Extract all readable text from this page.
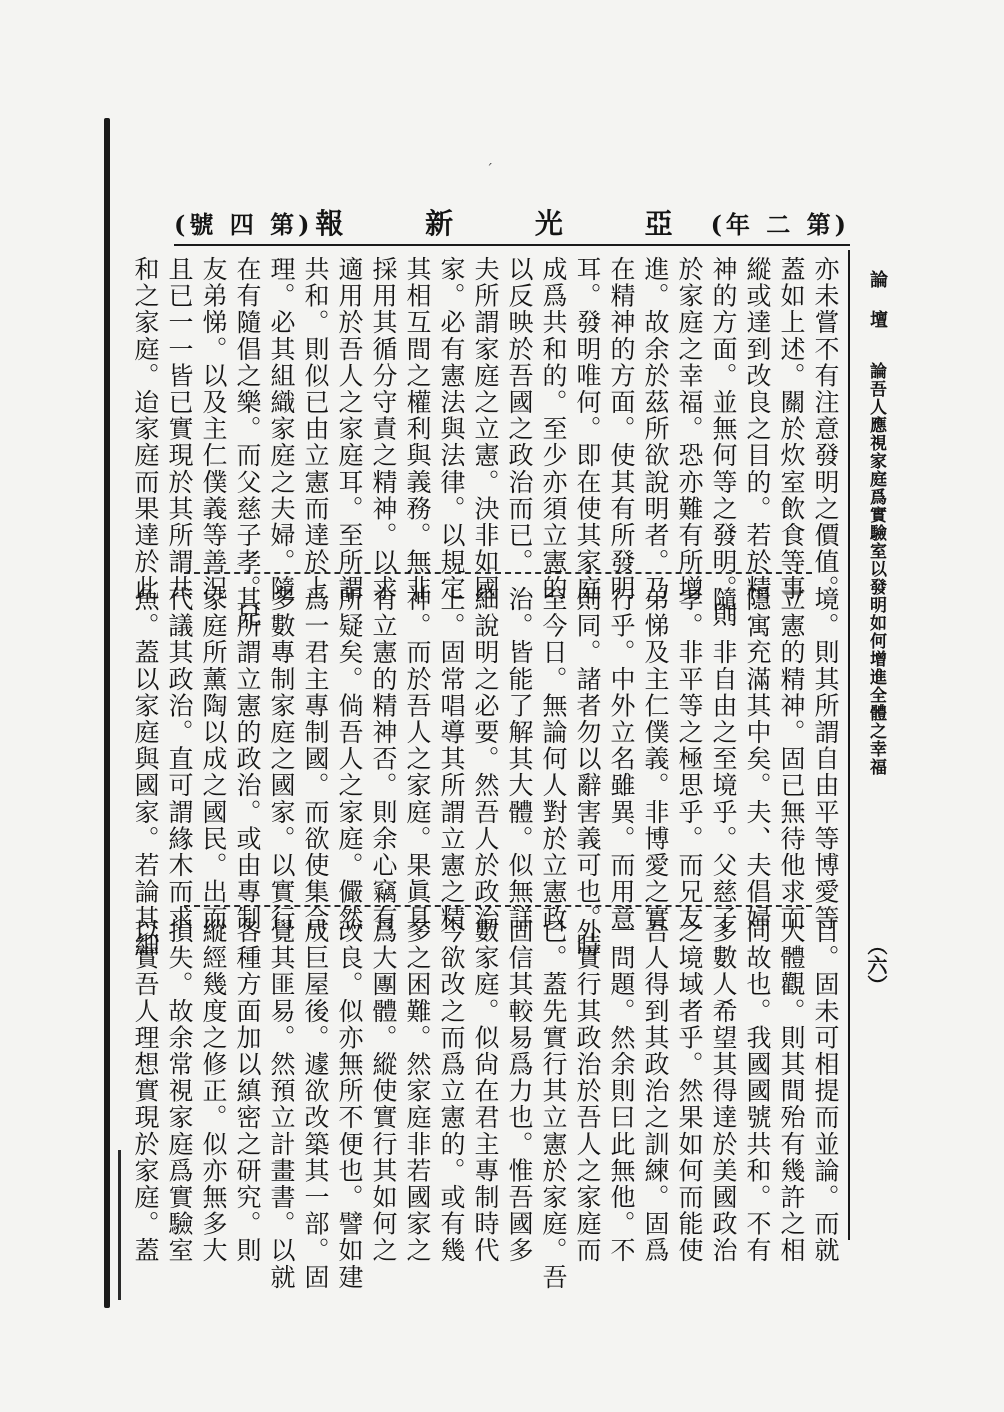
ˊ
(號 四 第) 報 新 光 亞 (年 二 第)
論壇
論吾人應視家庭爲實驗室以發明如何增進全體之幸福
（六）
亦未嘗不有注意發明之價值。
蓋如上述。關於炊室飲食等事
縱或達到改良之目的。若於精
神的方面。並無何等之發明。則
於家庭之幸福。恐亦難有所增
進。故余於茲所欲說明者。乃
在精神的方面。使其有所發明
耳。發明唯何。即在使其家庭
成爲共和的。至少亦須立憲的
以反映於吾國之政治而已。
夫所謂家庭之立憲。決非如國
家。必有憲法與法律。以規定
其相互間之權利與義務。無非
採用其循分守責之精神。以求
適用於吾人之家庭耳。至所謂
共和。則似已由立憲而達於上
理。必其組織家庭之夫婦。隨
在有隨倡之樂。而父慈子孝。兄
友弟悌。以及主仁僕義等善況
且已一一皆已實現於其所謂共
和之家庭。迨家庭而果達於此
境。則其所謂自由平等博愛等
立憲的精神。固已無待他求而
隱寓充滿其中矣。夫、夫倡婦
隨。非自由之至境乎。父慈子
孝。非平等之極思乎。而兄友
弟悌及主仁僕義。非博愛之實
行乎。中外立名雖異。而用意
則同。諸者勿以辭害義可也。時
至今日。無論何人對於立憲政
治。皆能了解其大體。似無詳
細說明之必要。然吾人於政治
上。固常唱導其所謂立憲之精
神。而於吾人之家庭。果眞具
有立憲的精神否。則余心竊有
所疑矣。倘吾人之家庭。儼然
爲一君主專制國。而欲使集合
多數專制家庭之國家。以實行
其所謂立憲的政治。或由專制
家庭所薰陶以成之國民。出而
代議其政治。直可謂緣木而求
魚。蓋以家庭與國家。若論其細
目。固未可相提而並論。而就
大體觀。則其間殆有幾許之相
同故也。我國國號共和。不有
多數人希望其得達於美國政治
之境域者乎。然果如何而能使
吾人得到其政治之訓練。固爲
一問題。然余則曰此無他。不
外實行其政治於吾人之家庭而
已。蓋先實行其立憲於家庭。吾
固信其較易爲力也。惟吾國多
數家庭。似尙在君主專制時代
今欲改之而爲立憲的。或有幾
多之困難。然家庭非若國家之
爲大團體。縱使實行其如何之
改良。似亦無所不便也。譬如建
成巨屋後。遽欲改築其一部。固
覺其匪易。然預立計畫書。以就
各種方面加以縝密之研究。則
縱經幾度之修正。似亦無多大
損失。故余常視家庭爲實驗室
以實吾人理想實現於家庭。蓋
